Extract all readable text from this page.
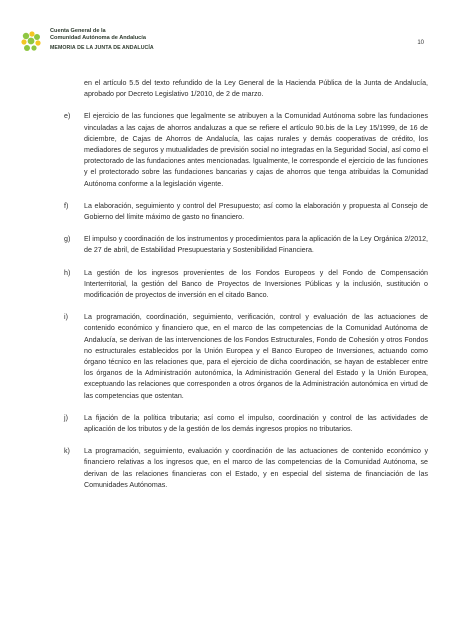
Cuenta General de la
Comunidad Autónoma de Andalucía
MEMORIA DE LA JUNTA DE ANDALUCÍA
10
en el artículo 5.5 del texto refundido de la Ley General de la Hacienda Pública de la Junta de Andalucía, aprobado por Decreto Legislativo 1/2010, de 2 de marzo.
e) El ejercicio de las funciones que legalmente se atribuyen a la Comunidad Autónoma sobre las fundaciones vinculadas a las cajas de ahorros andaluzas a que se refiere el artículo 90.bis de la Ley 15/1999, de 16 de diciembre, de Cajas de Ahorros de Andalucía, las cajas rurales y demás cooperativas de crédito, los mediadores de seguros y mutualidades de previsión social no integradas en la Seguridad Social, así como el protectorado de las fundaciones antes mencionadas. Igualmente, le corresponde el ejercicio de las funciones y el protectorado sobre las fundaciones bancarias y cajas de ahorros que tenga atribuidas la Comunidad Autónoma conforme a la legislación vigente.
f) La elaboración, seguimiento y control del Presupuesto; así como la elaboración y propuesta al Consejo de Gobierno del límite máximo de gasto no financiero.
g) El impulso y coordinación de los instrumentos y procedimientos para la aplicación de la Ley Orgánica 2/2012, de 27 de abril, de Estabilidad Presupuestaria y Sostenibilidad Financiera.
h) La gestión de los ingresos provenientes de los Fondos Europeos y del Fondo de Compensación Interterritorial, la gestión del Banco de Proyectos de Inversiones Públicas y la inclusión, sustitución o modificación de proyectos de inversión en el citado Banco.
i) La programación, coordinación, seguimiento, verificación, control y evaluación de las actuaciones de contenido económico y financiero que, en el marco de las competencias de la Comunidad Autónoma de Andalucía, se derivan de las intervenciones de los Fondos Estructurales, Fondo de Cohesión y otros Fondos no estructurales establecidos por la Unión Europea y el Banco Europeo de Inversiones, actuando como órgano técnico en las relaciones que, para el ejercicio de dicha coordinación, se hayan de establecer entre los órganos de la Administración autonómica, la Administración General del Estado y la Unión Europea, exceptuando las relaciones que corresponden a otros órganos de la Administración autonómica en virtud de las competencias que ostentan.
j) La fijación de la política tributaria; así como el impulso, coordinación y control de las actividades de aplicación de los tributos y de la gestión de los demás ingresos propios no tributarios.
k) La programación, seguimiento, evaluación y coordinación de las actuaciones de contenido económico y financiero relativas a los ingresos que, en el marco de las competencias de la Comunidad Autónoma, se derivan de las relaciones financieras con el Estado, y en especial del sistema de financiación de las Comunidades Autónomas.
